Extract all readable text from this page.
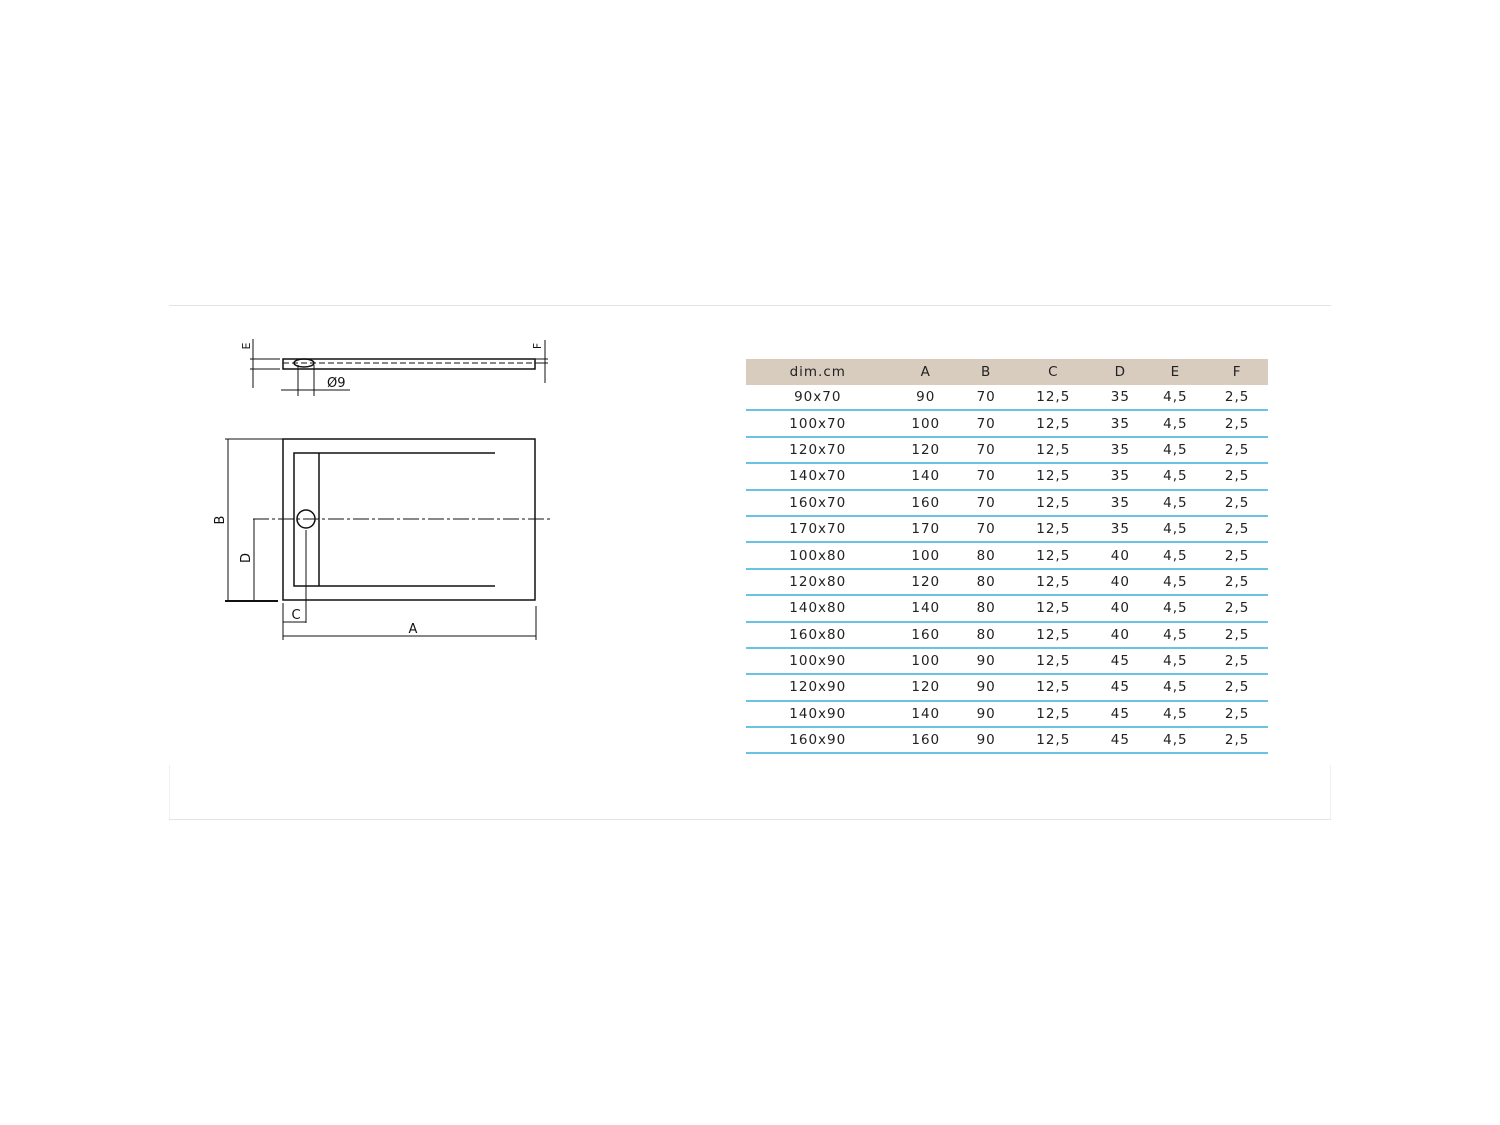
A
B
C
D
E	F
Ø9
dim.cm	A	B	C	D	E	F
90x70	90	70	12,5	35	4,5	2,5
100x70	100	70	12,5	35	4,5	2,5
120x70	120	70	12,5	35	4,5	2,5
140x70	140	70	12,5	35	4,5	2,5
160x70	160	70	12,5	35	4,5	2,5
170x70	170	70	12,5	35	4,5	2,5
100x80	100	80	12,5	40	4,5	2,5
120x80	120	80	12,5	40	4,5	2,5
140x80	140	80	12,5	40	4,5	2,5
160x80	160	80	12,5	40	4,5	2,5
100x90	100	90	12,5	45	4,5	2,5
120x90	120	90	12,5	45	4,5	2,5
140x90	140	90	12,5	45	4,5	2,5
160x90	160	90	12,5	45	4,5	2,5
